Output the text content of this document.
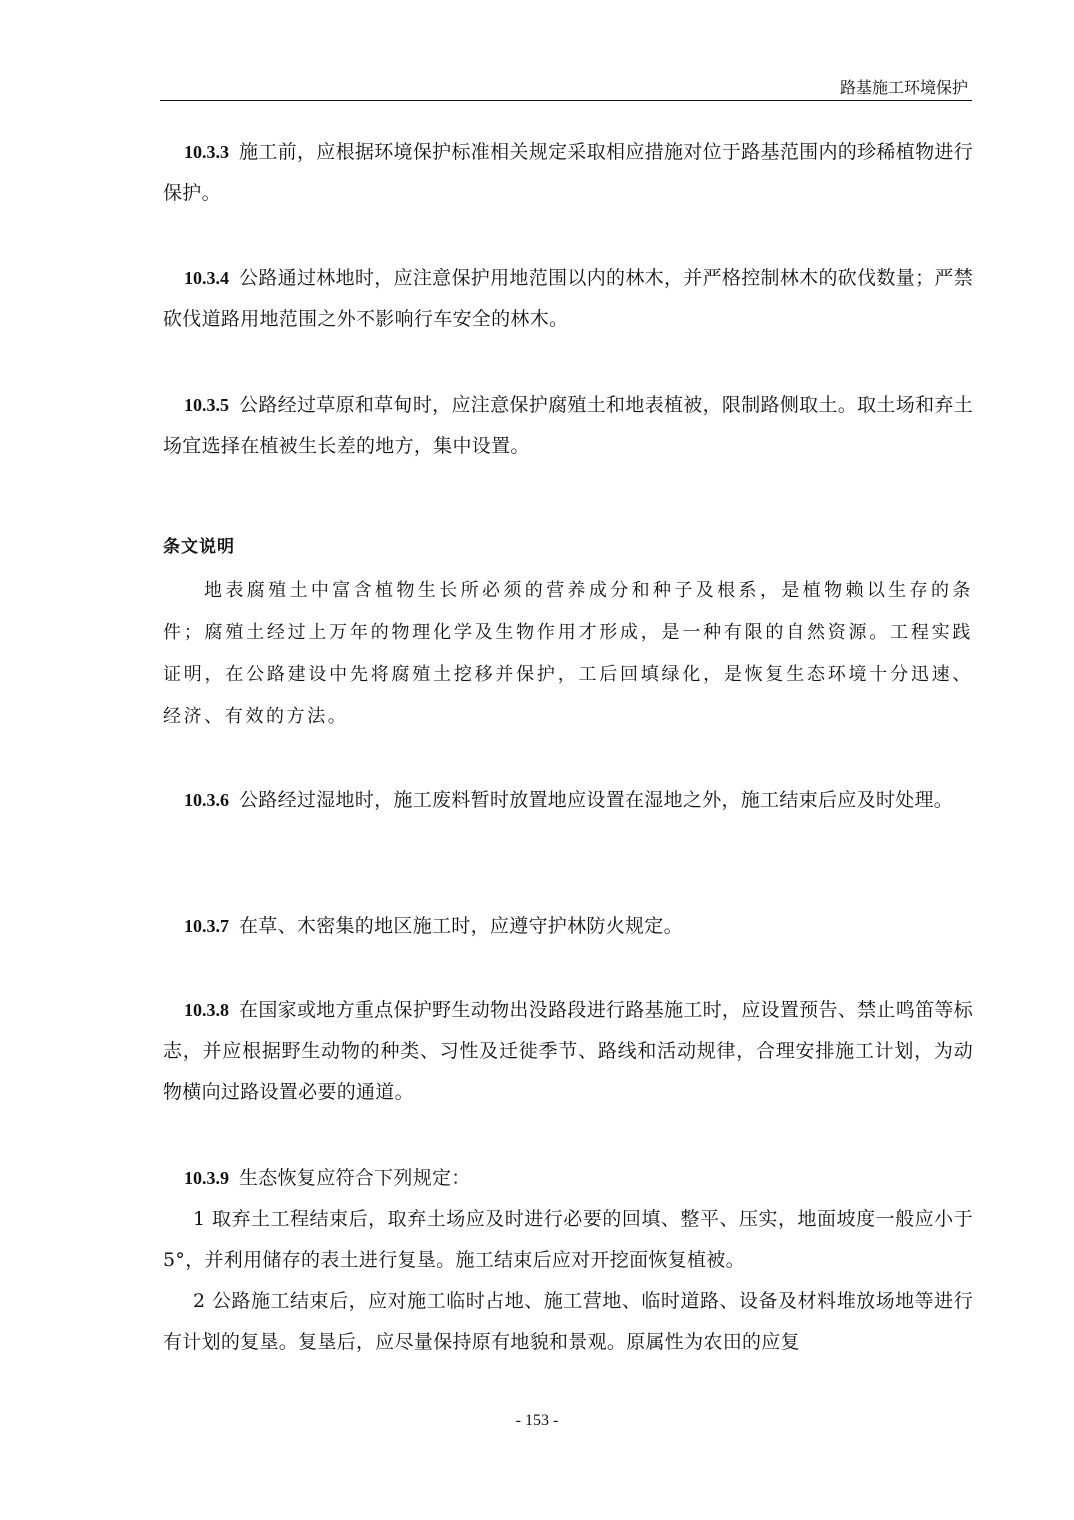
路基施工环境保护

10.3.3 施工前，应根据环境保护标准相关规定采取相应措施对位于路基范围内的珍稀植物进行保护。

10.3.4 公路通过林地时，应注意保护用地范围以内的林木，并严格控制林木的砍伐数量；严禁砍伐道路用地范围之外不影响行车安全的林木。

10.3.5 公路经过草原和草甸时，应注意保护腐殖土和地表植被，限制路侧取土。取土场和弃土场宜选择在植被生长差的地方，集中设置。

条文说明

地表腐殖土中富含植物生长所必须的营养成分和种子及根系，是植物赖以生存的条件；腐殖土经过上万年的物理化学及生物作用才形成，是一种有限的自然资源。工程实践证明，在公路建设中先将腐殖土挖移并保护，工后回填绿化，是恢复生态环境十分迅速、经济、有效的方法。

10.3.6 公路经过湿地时，施工废料暂时放置地应设置在湿地之外，施工结束后应及时处理。

10.3.7 在草、木密集的地区施工时，应遵守护林防火规定。

10.3.8 在国家或地方重点保护野生动物出没路段进行路基施工时，应设置预告、禁止鸣笛等标志，并应根据野生动物的种类、习性及迁徙季节、路线和活动规律，合理安排施工计划，为动物横向过路设置必要的通道。

10.3.9 生态恢复应符合下列规定：

1 取弃土工程结束后，取弃土场应及时进行必要的回填、整平、压实，地面坡度一般应小于 5°，并利用储存的表土进行复垦。施工结束后应对开挖面恢复植被。

2 公路施工结束后，应对施工临时占地、施工营地、临时道路、设备及材料堆放场地等进行有计划的复垦。复垦后，应尽量保持原有地貌和景观。原属性为农田的应复

- 153 -
